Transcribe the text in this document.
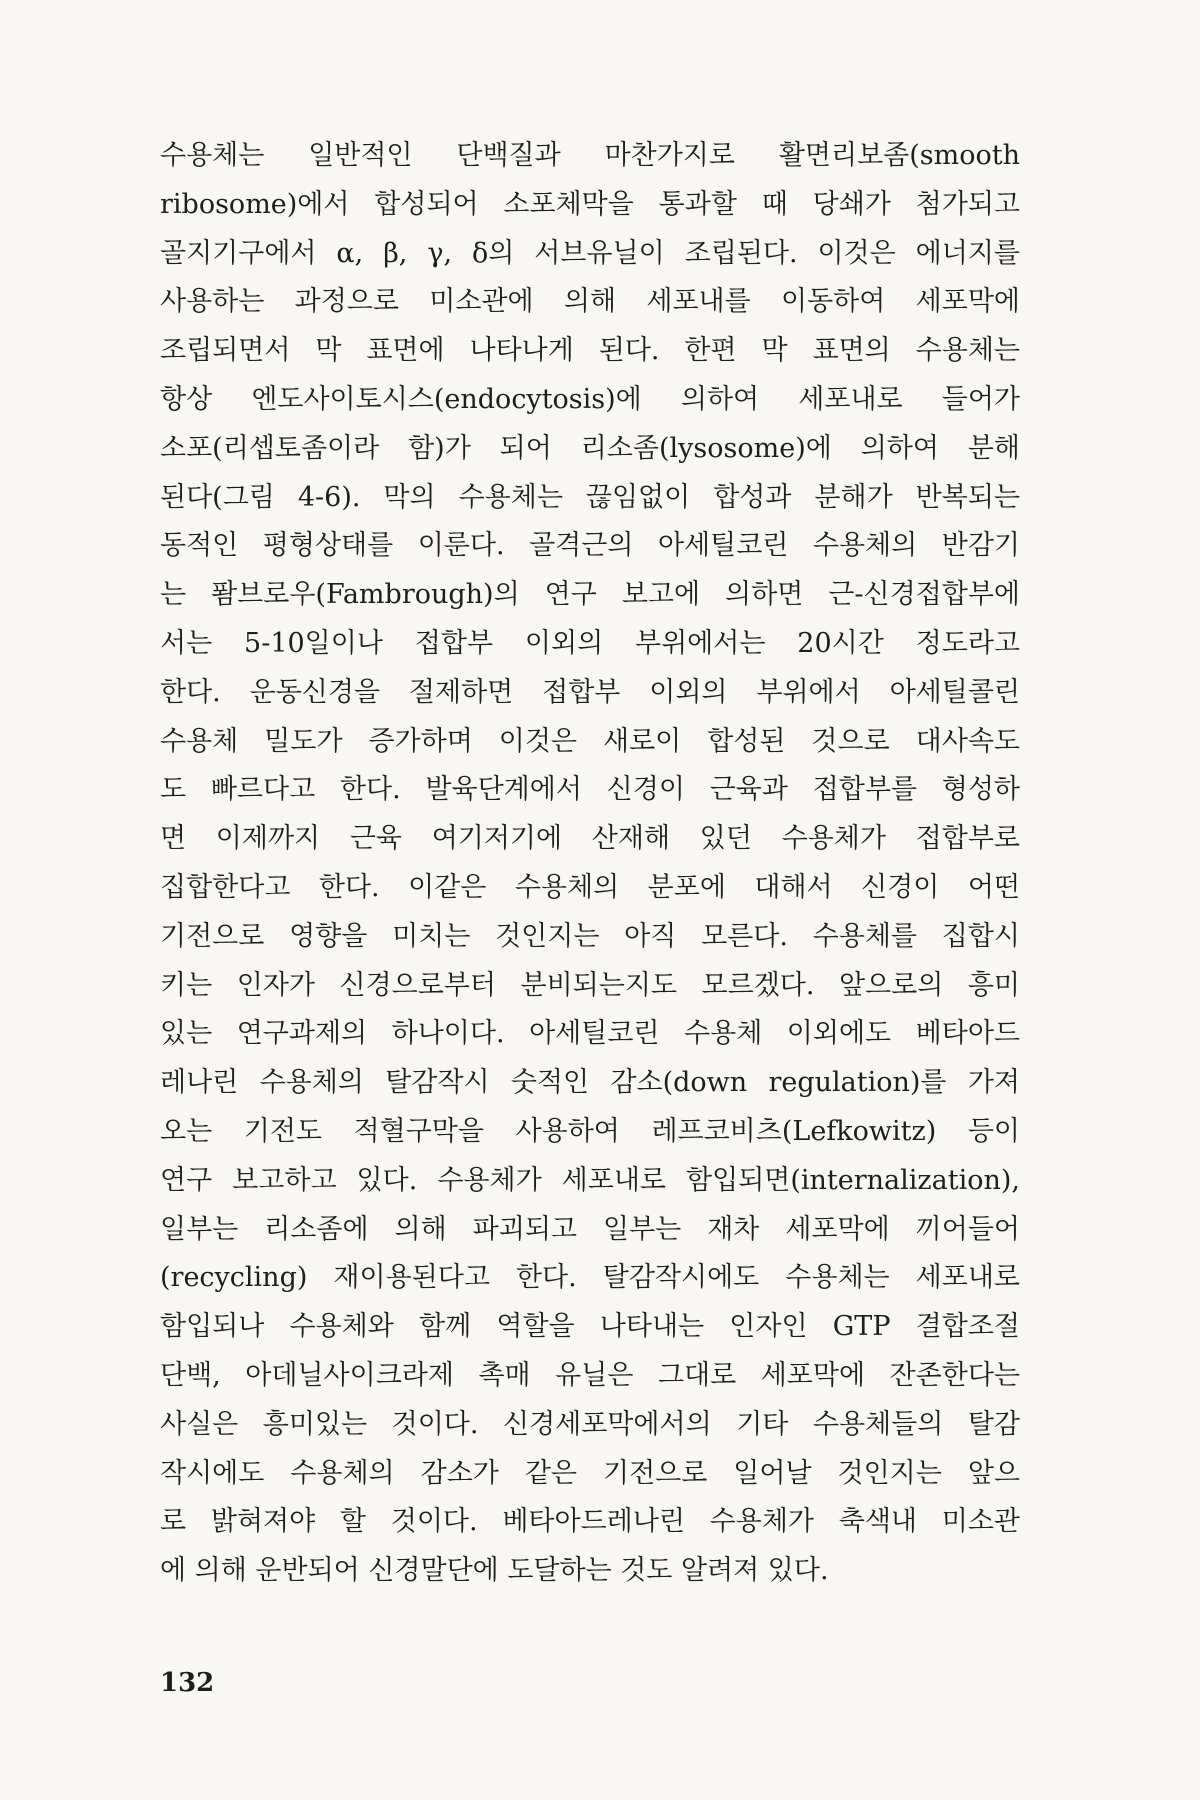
수용체는 일반적인 단백질과 마찬가지로 활면리보좀(smooth
ribosome)에서 합성되어 소포체막을 통과할 때 당쇄가 첨가되고
골지기구에서 α, β, γ, δ의 서브유닐이 조립된다. 이것은 에너지를
사용하는 과정으로 미소관에 의해 세포내를 이동하여 세포막에
조립되면서 막 표면에 나타나게 된다. 한편 막 표면의 수용체는
항상 엔도사이토시스(endocytosis)에 의하여 세포내로 들어가
소포(리셉토좀이라 함)가 되어 리소좀(lysosome)에 의하여 분해
된다(그림 4-6). 막의 수용체는 끊임없이 합성과 분해가 반복되는
동적인 평형상태를 이룬다. 골격근의 아세틸코린 수용체의 반감기
는 퐘브로우(Fambrough)의 연구 보고에 의하면 근-신경접합부에
서는 5-10일이나 접합부 이외의 부위에서는 20시간 정도라고
한다. 운동신경을 절제하면 접합부 이외의 부위에서 아세틸콜린
수용체 밀도가 증가하며 이것은 새로이 합성된 것으로 대사속도
도 빠르다고 한다. 발육단계에서 신경이 근육과 접합부를 형성하
면 이제까지 근육 여기저기에 산재해 있던 수용체가 접합부로
집합한다고 한다. 이같은 수용체의 분포에 대해서 신경이 어떤
기전으로 영향을 미치는 것인지는 아직 모른다. 수용체를 집합시
키는 인자가 신경으로부터 분비되는지도 모르겠다. 앞으로의 흥미
있는 연구과제의 하나이다. 아세틸코린 수용체 이외에도 베타아드
레나린 수용체의 탈감작시 숫적인 감소(down regulation)를 가져
오는 기전도 적혈구막을 사용하여 레프코비츠(Lefkowitz) 등이
연구 보고하고 있다. 수용체가 세포내로 함입되면(internalization),
일부는 리소좀에 의해 파괴되고 일부는 재차 세포막에 끼어들어
(recycling) 재이용된다고 한다. 탈감작시에도 수용체는 세포내로
함입되나 수용체와 함께 역할을 나타내는 인자인 GTP 결합조절
단백, 아데닐사이크라제 촉매 유닐은 그대로 세포막에 잔존한다는
사실은 흥미있는 것이다. 신경세포막에서의 기타 수용체들의 탈감
작시에도 수용체의 감소가 같은 기전으로 일어날 것인지는 앞으
로 밝혀져야 할 것이다. 베타아드레나린 수용체가 축색내 미소관
에 의해 운반되어 신경말단에 도달하는 것도 알려져 있다.
132
